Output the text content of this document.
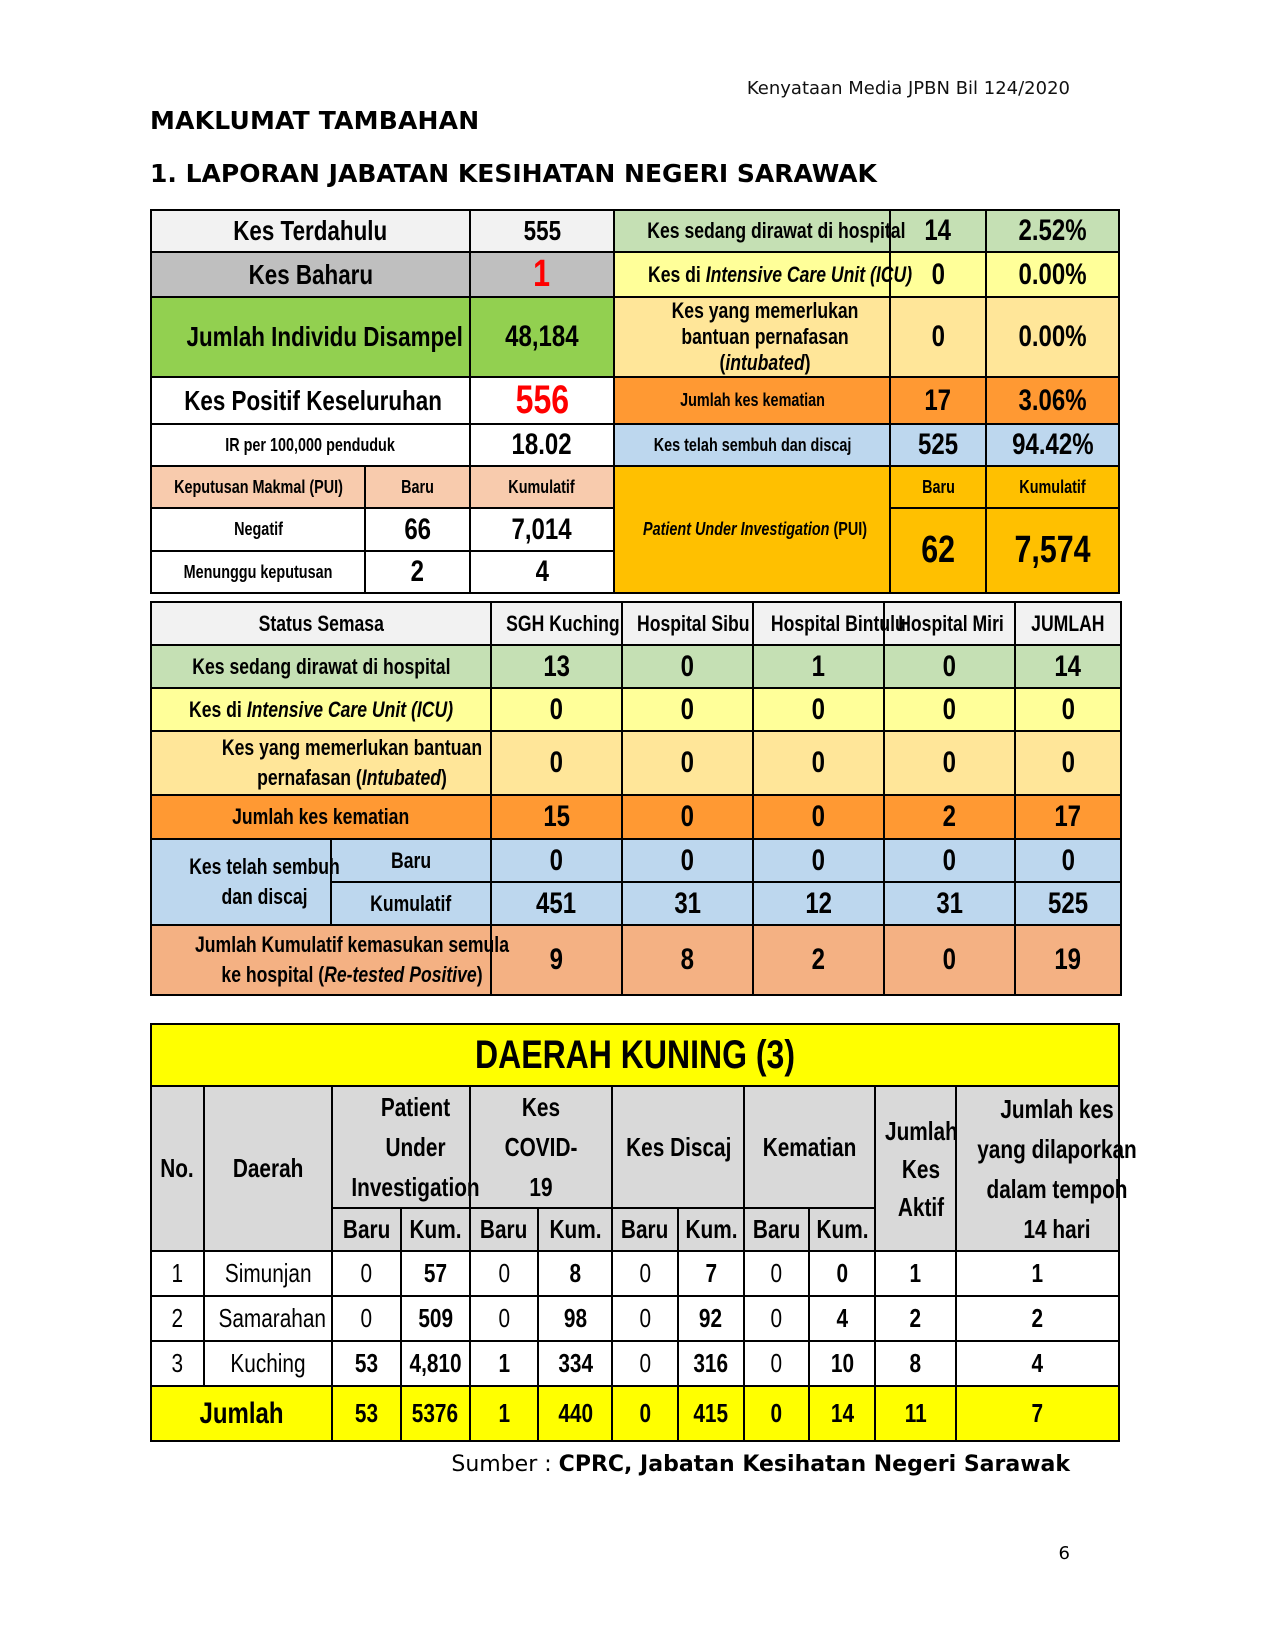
Kenyataan Media JPBN Bil 124/2020
MAKLUMAT TAMBAHAN
1. LAPORAN JABATAN KESIHATAN NEGERI SARAWAK
Kes Terdahulu		555	Kes sedang dirawat di hospital	14	2.52%
Kes Baharu		1	Kes di Intensive Care Unit (ICU)	0	0.00%
Jumlah Individu Disampel		48,184	Kes yang memerlukan bantuan pernafasan (intubated)	0	0.00%
Kes Positif Keseluruhan		556	Jumlah kes kematian	17	3.06%
IR per 100,000 penduduk		18.02	Kes telah sembuh dan discaj	525	94.42%
Keputusan Makmal (PUI)	Baru	Kumulatif	Patient Under Investigation (PUI)	Baru	Kumulatif
Negatif	66	7,014		62	7,574
Menunggu keputusan	2	4			
Status Semasa		SGH Kuching	Hospital Sibu	Hospital Bintulu	Hospital Miri	JUMLAH
Kes sedang dirawat di hospital		13	0	1	0	14
Kes di Intensive Care Unit (ICU)		0	0	0	0	0
Kes yang memerlukan bantuan pernafasan (Intubated)		0	0	0	0	0
Jumlah kes kematian		15	0	0	2	17
Kes telah sembuh dan discaj	Baru	0	0	0	0	0
	Kumulatif	451	31	12	31	525
Jumlah Kumulatif kemasukan semula ke hospital (Re-tested Positive)		9	8	2	0	19
DAERAH KUNING (3)											
No.	Daerah	Patient Under Investigation		Kes COVID-19		Kes Discaj		Kematian		Jumlah Kes Aktif	Jumlah kes yang dilaporkan dalam tempoh 14 hari
		Baru	Kum.	Baru	Kum.	Baru	Kum.	Baru	Kum.		
1	Simunjan	0	57	0	8	0	7	0	0	1	1
2	Samarahan	0	509	0	98	0	92	0	4	2	2
3	Kuching	53	4,810	1	334	0	316	0	10	8	4
Jumlah		53	5376	1	440	0	415	0	14	11	7
Sumber : CPRC, Jabatan Kesihatan Negeri Sarawak
6
